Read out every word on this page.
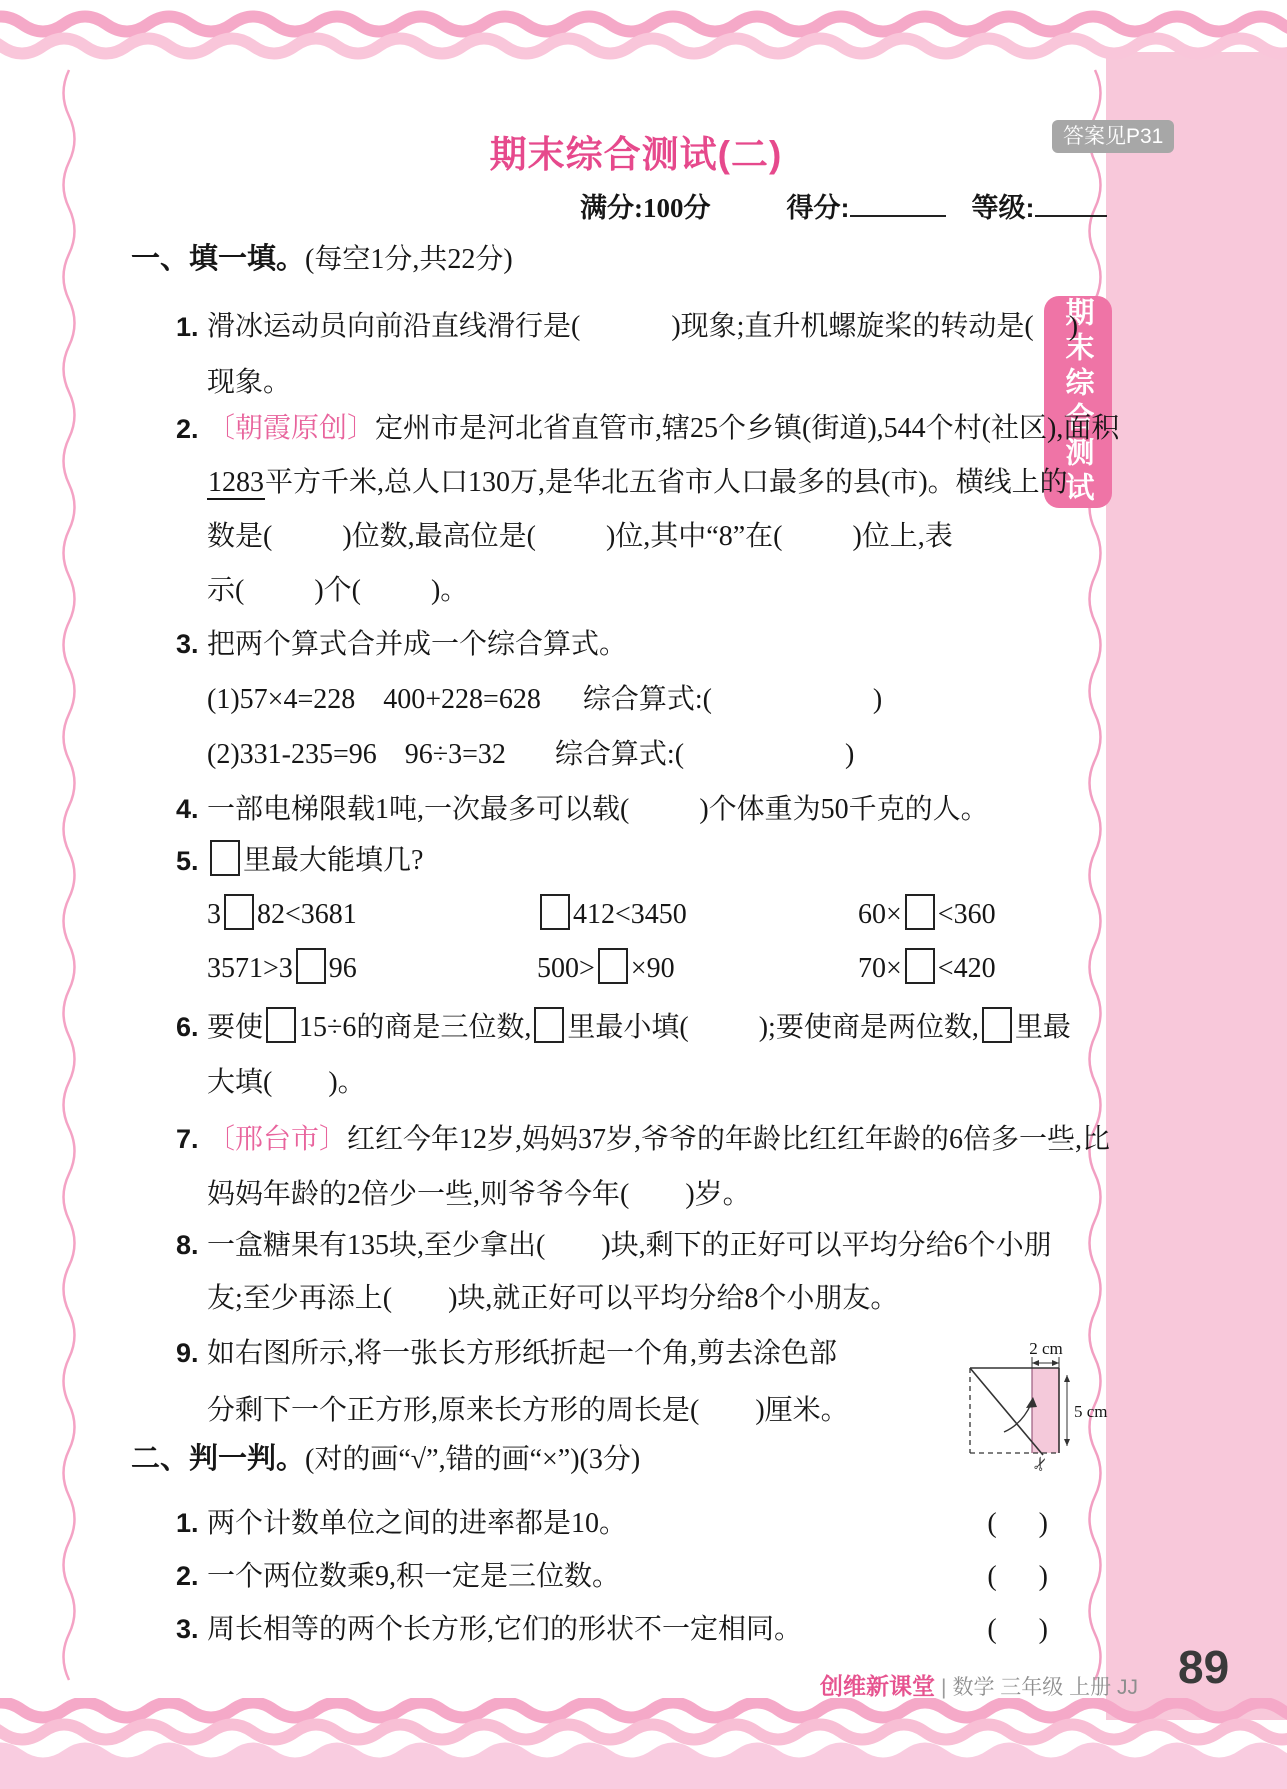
期末综合测试
答案见P31
期末综合测试(二)
满分:100分	得分:	等级:
一、填一填。(每空1分,共22分)
1. 滑冰运动员向前沿直线滑行是(             )现象;直升机螺旋桨的转动是(     )
现象。
2. 〔朝霞原创〕定州市是河北省直管市,辖25个乡镇(街道),544个村(社区),面积
1283平方千米,总人口130万,是华北五省市人口最多的县(市)。横线上的
数是(          )位数,最高位是(          )位,其中“8”在(          )位上,表
示(          )个(          )。
3. 把两个算式合并成一个综合算式。
(1)57×4=228    400+228=628      综合算式:(                       )
(2)331-235=96    96÷3=32       综合算式:(                       )
4. 一部电梯限载1吨,一次最多可以载(          )个体重为50千克的人。
5.	里最大能填几?
3 82<3681	412<3450	60× <360
3571>3 96	500> ×90	70× <420
6. 要使 15÷6的商是三位数, 里最小填(          );要使商是两位数, 里最
大填(        )。
7. 〔邢台市〕红红今年12岁,妈妈37岁,爷爷的年龄比红红年龄的6倍多一些,比
妈妈年龄的2倍少一些,则爷爷今年(        )岁。
8. 一盒糖果有135块,至少拿出(        )块,剩下的正好可以平均分给6个小朋
友;至少再添上(        )块,就正好可以平均分给8个小朋友。
9. 如右图所示,将一张长方形纸折起一个角,剪去涂色部
分剩下一个正方形,原来长方形的周长是(        )厘米。
2 cm
5 cm
✂
二、判一判。(对的画“√”,错的画“×”)(3分)
1. 两个计数单位之间的进率都是10。	(      )
2. 一个两位数乘9,积一定是三位数。	(      )
3. 周长相等的两个长方形,它们的形状不一定相同。	(      )
创维新课堂 | 数学 三年级 上册 JJ 89
